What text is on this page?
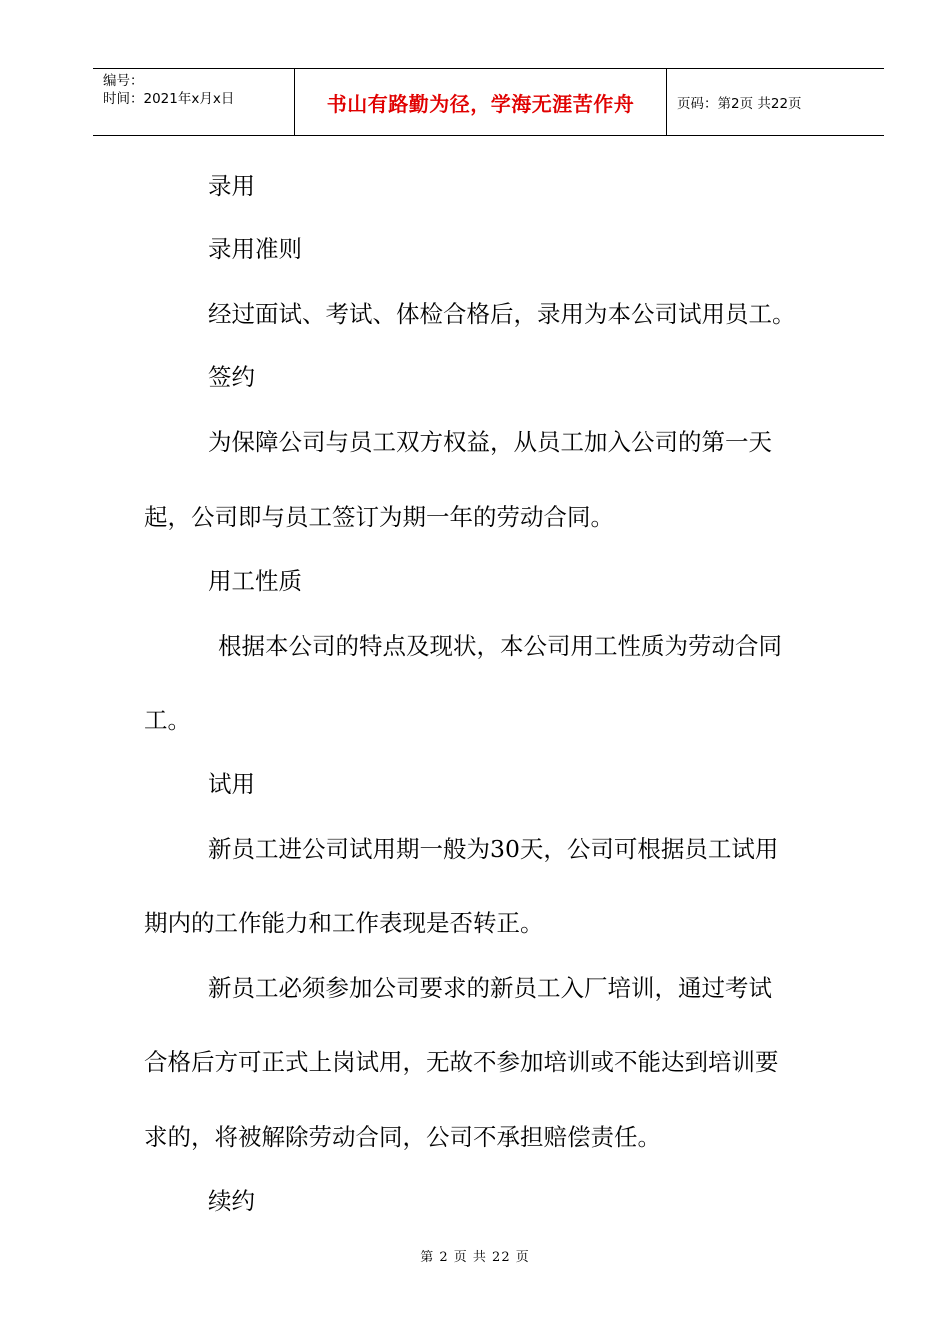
编号：
时间：2021年x月x日	书山有路勤为径，学海无涯苦作舟	页码：第2页 共22页
录用
录用准则
经过面试、考试、体检合格后，录用为本公司试用员工。
签约
为保障公司与员工双方权益，从员工加入公司的第一天
起，公司即与员工签订为期一年的劳动合同。
用工性质
根据本公司的特点及现状，本公司用工性质为劳动合同
工。
试用
新员工进公司试用期一般为30天，公司可根据员工试用
期内的工作能力和工作表现是否转正。
新员工必须参加公司要求的新员工入厂培训，通过考试
合格后方可正式上岗试用，无故不参加培训或不能达到培训要
求的，将被解除劳动合同，公司不承担赔偿责任。
续约
第 2 页 共 22 页
